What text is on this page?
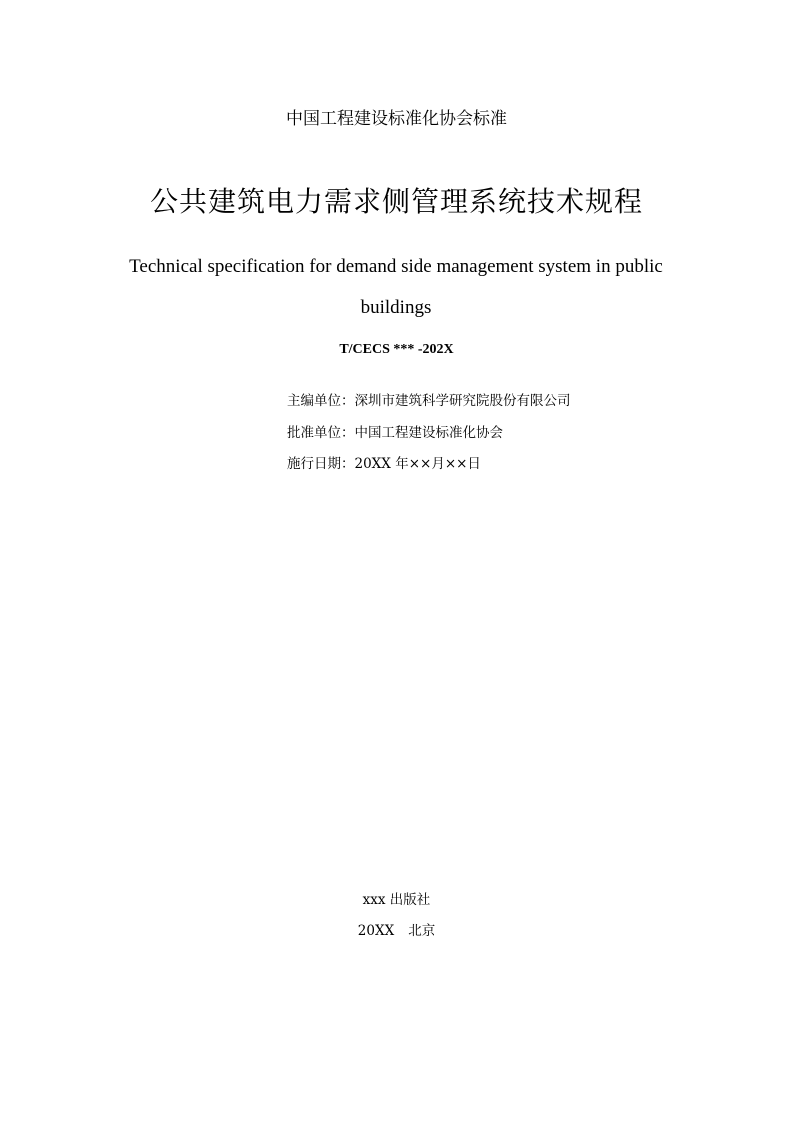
中国工程建设标准化协会标准
公共建筑电力需求侧管理系统技术规程
Technical specification for demand side management system in public buildings
T/CECS *** -202X
主编单位：深圳市建筑科学研究院股份有限公司
批准单位：中国工程建设标准化协会
施行日期：20XX 年××月××日
xxx 出版社
20XX 北京
